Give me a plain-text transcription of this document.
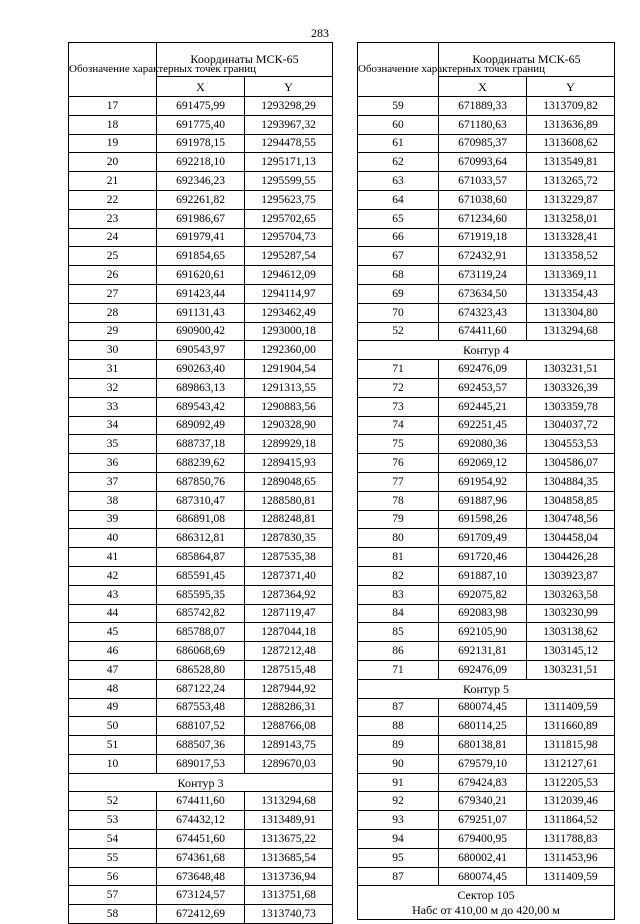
283
Обозначение характерных точек границ	Координаты МСК-65	
	X	Y
17	691475,99	1293298,29
18	691775,40	1293967,32
19	691978,15	1294478,55
20	692218,10	1295171,13
21	692346,23	1295599,55
22	692261,82	1295623,75
23	691986,67	1295702,65
24	691979,41	1295704,73
25	691854,65	1295287,54
26	691620,61	1294612,09
27	691423,44	1294114,97
28	691131,43	1293462,49
29	690900,42	1293000,18
30	690543,97	1292360,00
31	690263,40	1291904,54
32	689863,13	1291313,55
33	689543,42	1290883,56
34	689092,49	1290328,90
35	688737,18	1289929,18
36	688239,62	1289415,93
37	687850,76	1289048,65
38	687310,47	1288580,81
39	686891,08	1288248,81
40	686312,81	1287830,35
41	685864,87	1287535,38
42	685591,45	1287371,40
43	685595,35	1287364,92
44	685742,82	1287119,47
45	685788,07	1287044,18
46	686068,69	1287212,48
47	686528,80	1287515,48
48	687122,24	1287944,92
49	687553,48	1288286,31
50	688107,52	1288766,08
51	688507,36	1289143,75
10	689017,53	1289670,03
Контур 3		
52	674411,60	1313294,68
53	674432,12	1313489,91
54	674451,60	1313675,22
55	674361,68	1313685,54
56	673648,48	1313736,94
57	673124,57	1313751,68
58	672412,69	1313740,73
Обозначение характерных точек границ	Координаты МСК-65	
	X	Y
59	671889,33	1313709,82
60	671180,63	1313636,89
61	670985,37	1313608,62
62	670993,64	1313549,81
63	671033,57	1313265,72
64	671038,60	1313229,87
65	671234,60	1313258,01
66	671919,18	1313328,41
67	672432,91	1313358,52
68	673119,24	1313369,11
69	673634,50	1313354,43
70	674323,43	1313304,80
52	674411,60	1313294,68
Контур 4		
71	692476,09	1303231,51
72	692453,57	1303326,39
73	692445,21	1303359,78
74	692251,45	1304037,72
75	692080,36	1304553,53
76	692069,12	1304586,07
77	691954,92	1304884,35
78	691887,96	1304858,85
79	691598,26	1304748,56
80	691709,49	1304458,04
81	691720,46	1304426,28
82	691887,10	1303923,87
83	692075,82	1303263,58
84	692083,98	1303230,99
85	692105,90	1303138,62
86	692131,81	1303145,12
71	692476,09	1303231,51
Контур 5		
87	680074,45	1311409,59
88	680114,25	1311660,89
89	680138,81	1311815,98
90	679579,10	1312127,61
91	679424,83	1312205,53
92	679340,21	1312039,46
93	679251,07	1311864,52
94	679400,95	1311788,83
95	680002,41	1311453,96
87	680074,45	1311409,59

Сектор 105
Набс от 410,00 м до 420,00 м		
